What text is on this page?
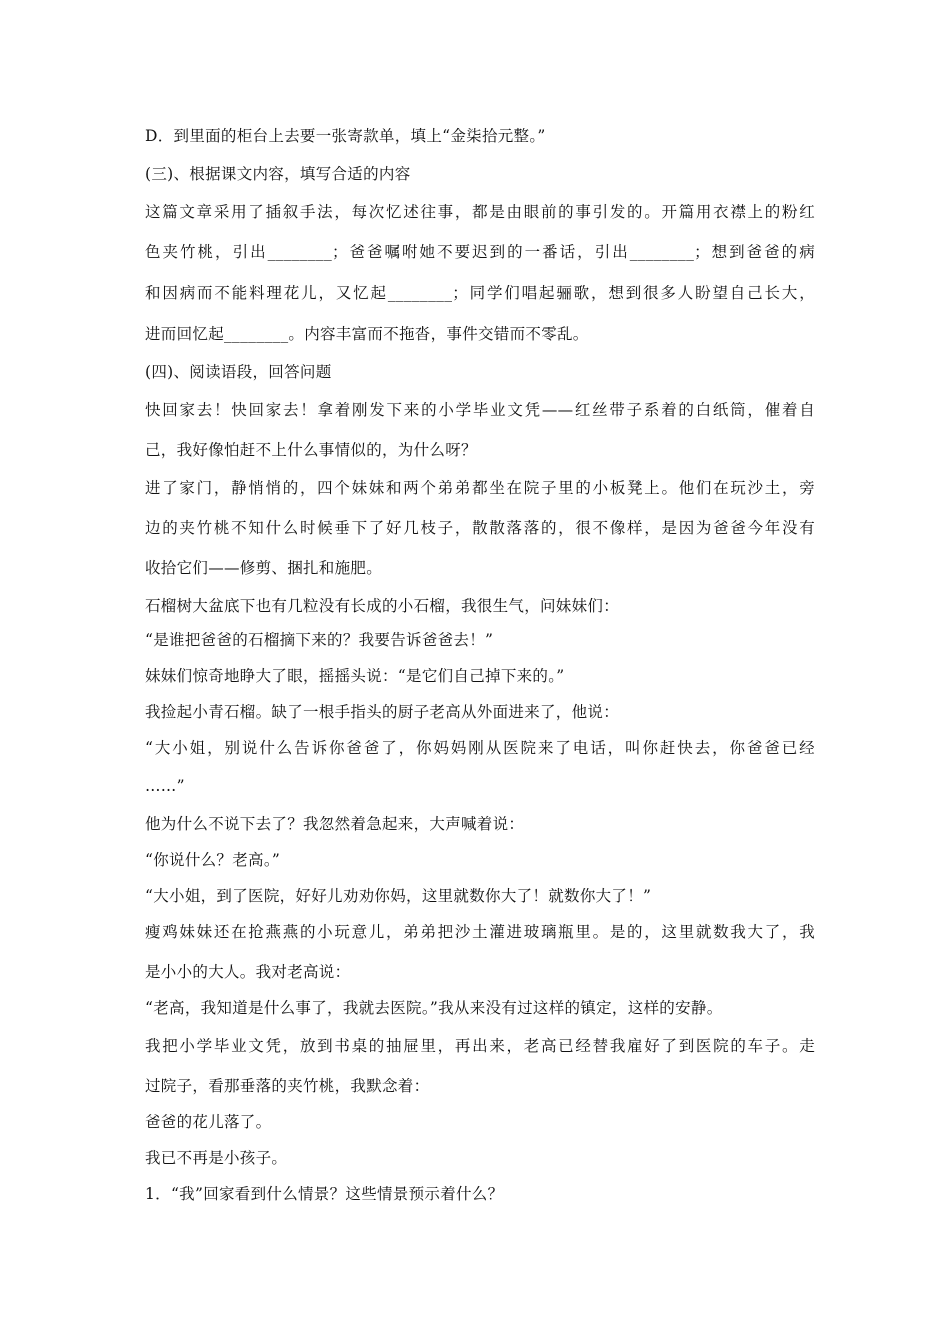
D．到里面的柜台上去要一张寄款单，填上“金柒拾元整。”
(三)、根据课文内容，填写合适的内容
这篇文章采用了插叙手法，每次忆述往事，都是由眼前的事引发的。开篇用衣襟上的粉红
色夹竹桃，引出________；爸爸嘱咐她不要迟到的一番话，引出________；想到爸爸的病
和因病而不能料理花儿，又忆起________；同学们唱起骊歌，想到很多人盼望自己长大，
进而回忆起________。内容丰富而不拖沓，事件交错而不零乱。
(四)、阅读语段，回答问题
快回家去！快回家去！拿着刚发下来的小学毕业文凭——红丝带子系着的白纸筒，催着自
己，我好像怕赶不上什么事情似的，为什么呀？
进了家门，静悄悄的，四个妹妹和两个弟弟都坐在院子里的小板凳上。他们在玩沙土，旁
边的夹竹桃不知什么时候垂下了好几枝子，散散落落的，很不像样，是因为爸爸今年没有
收拾它们——修剪、捆扎和施肥。
石榴树大盆底下也有几粒没有长成的小石榴，我很生气，问妹妹们：
“是谁把爸爸的石榴摘下来的？我要告诉爸爸去！”
妹妹们惊奇地睁大了眼，摇摇头说：“是它们自己掉下来的。”
我捡起小青石榴。缺了一根手指头的厨子老高从外面进来了，他说：
“大小姐，别说什么告诉你爸爸了，你妈妈刚从医院来了电话，叫你赶快去，你爸爸已经
……”
他为什么不说下去了？我忽然着急起来，大声喊着说：
“你说什么？老高。”
“大小姐，到了医院，好好儿劝劝你妈，这里就数你大了！就数你大了！”
瘦鸡妹妹还在抢燕燕的小玩意儿，弟弟把沙土灌进玻璃瓶里。是的，这里就数我大了，我
是小小的大人。我对老高说：
“老高，我知道是什么事了，我就去医院。”我从来没有过这样的镇定，这样的安静。
我把小学毕业文凭，放到书桌的抽屉里，再出来，老高已经替我雇好了到医院的车子。走
过院子，看那垂落的夹竹桃，我默念着：
爸爸的花儿落了。
我已不再是小孩子。
1．“我”回家看到什么情景？这些情景预示着什么？
